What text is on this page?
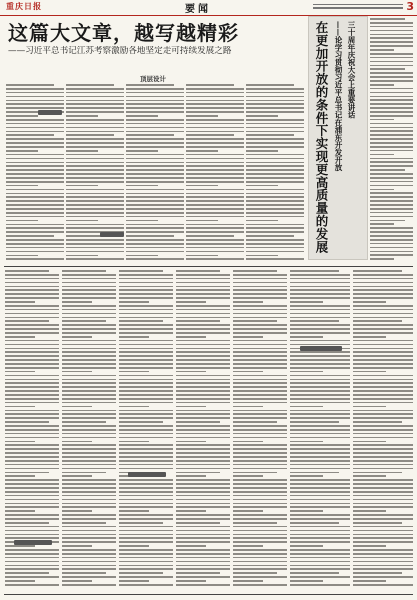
重庆日报	要闻	3
这篇大文章，越写越精彩
——习近平总书记江苏考察激励各地坚定走可持续发展之路
顶层设计	在更加开放的条件下实现更高质量的发展 ——论学习贯彻习近平总书记在浦东开发开放 三十周年庆祝大会上重要讲话
